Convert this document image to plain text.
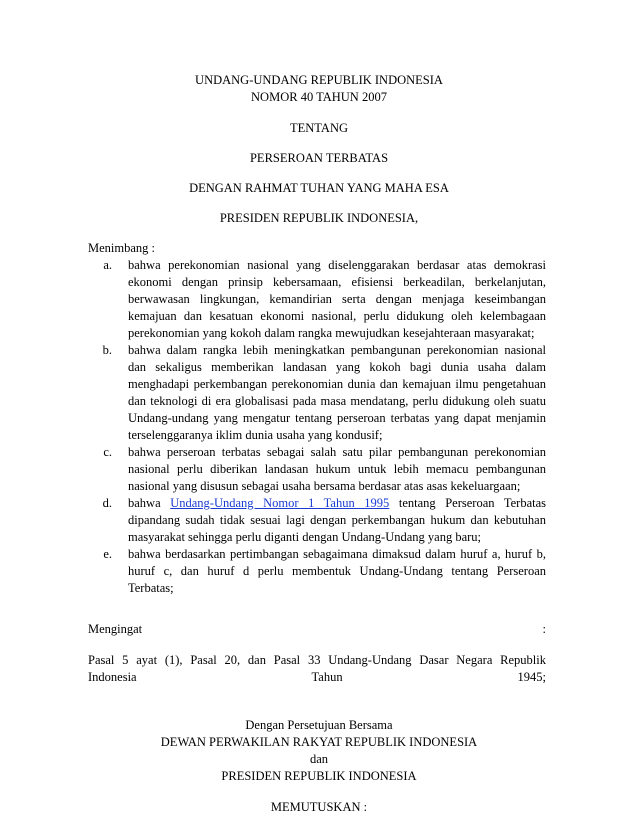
UNDANG-UNDANG REPUBLIK INDONESIA
NOMOR 40 TAHUN 2007
TENTANG
PERSEROAN TERBATAS
DENGAN RAHMAT TUHAN YANG MAHA ESA
PRESIDEN REPUBLIK INDONESIA,
Menimbang :
a. bahwa perekonomian nasional yang diselenggarakan berdasar atas demokrasi
ekonomi dengan prinsip kebersamaan, efisiensi berkeadilan, berkelanjutan,
berwawasan lingkungan, kemandirian serta dengan menjaga keseimbangan
kemajuan dan kesatuan ekonomi nasional, perlu didukung oleh kelembagaan
perekonomian yang kokoh dalam rangka mewujudkan kesejahteraan masyarakat;
b. bahwa dalam rangka lebih meningkatkan pembangunan perekonomian nasional
dan sekaligus memberikan landasan yang kokoh bagi dunia usaha dalam
menghadapi perkembangan perekonomian dunia dan kemajuan ilmu pengetahuan
dan teknologi di era globalisasi pada masa mendatang, perlu didukung oleh suatu
Undang-undang yang mengatur tentang perseroan terbatas yang dapat menjamin
terselenggaranya iklim dunia usaha yang kondusif;
c. bahwa perseroan terbatas sebagai salah satu pilar pembangunan perekonomian
nasional perlu diberikan landasan hukum untuk lebih memacu pembangunan
nasional yang disusun sebagai usaha bersama berdasar atas asas kekeluargaan;
d. bahwa Undang-Undang Nomor 1 Tahun 1995 tentang Perseroan Terbatas
dipandang sudah tidak sesuai lagi dengan perkembangan hukum dan kebutuhan
masyarakat sehingga perlu diganti dengan Undang-Undang yang baru;
e. bahwa berdasarkan pertimbangan sebagaimana dimaksud dalam huruf a, huruf b,
huruf c, dan huruf d perlu membentuk Undang-Undang tentang Perseroan
Terbatas;
Mengingat	:
Pasal 5 ayat (1), Pasal 20, dan Pasal 33 Undang-Undang Dasar Negara Republik
Indonesia	Tahun	1945;
Dengan Persetujuan Bersama
DEWAN PERWAKILAN RAKYAT REPUBLIK INDONESIA
dan
PRESIDEN REPUBLIK INDONESIA
MEMUTUSKAN :
